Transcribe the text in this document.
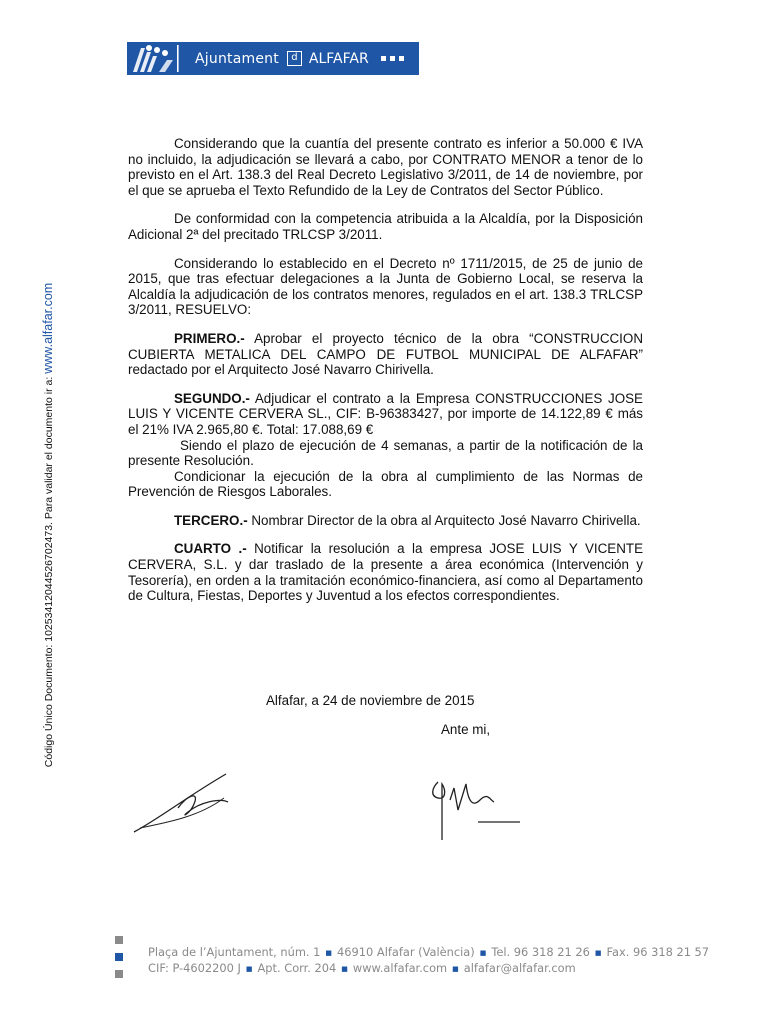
Ajuntament	d ALFAFAR
Código Único Documento: 10253412044526702473. Para validar el documento ir a: www.alfafar.com

Considerando que la cuantía del presente contrato es inferior a 50.000 € IVA no incluido, la adjudicación se llevará a cabo, por CONTRATO MENOR a tenor de lo previsto en el Art. 138.3 del Real Decreto Legislativo 3/2011, de 14 de noviembre, por el que se aprueba el Texto Refundido de la Ley de Contratos del Sector Público.

De conformidad con la competencia atribuida a la Alcaldía, por la Disposición Adicional 2ª del precitado TRLCSP 3/2011.

Considerando lo establecido en el Decreto nº 1711/2015, de 25 de junio de 2015, que tras efectuar delegaciones a la Junta de Gobierno Local, se reserva la Alcaldía la adjudicación de los contratos menores, regulados en el art. 138.3 TRLCSP 3/2011, RESUELVO:

PRIMERO.- Aprobar el proyecto técnico de la obra “CONSTRUCCION CUBIERTA METALICA DEL CAMPO DE FUTBOL MUNICIPAL DE ALFAFAR” redactado por el Arquitecto José Navarro Chirivella.

SEGUNDO.- Adjudicar el contrato a la Empresa CONSTRUCCIONES JOSE LUIS Y VICENTE CERVERA SL., CIF: B-96383427, por importe de 14.122,89 € más el 21% IVA 2.965,80 €. Total: 17.088,69 €

Siendo el plazo de ejecución de 4 semanas, a partir de la notificación de la presente Resolución.

Condicionar la ejecución de la obra al cumplimiento de las Normas de Prevención de Riesgos Laborales.

TERCERO.- Nombrar Director de la obra al Arquitecto José Navarro Chirivella.

CUARTO .- Notificar la resolución a la empresa JOSE LUIS Y VICENTE CERVERA, S.L. y dar traslado de la presente a área económica (Intervención y Tesorería), en orden a la tramitación económico-financiera, así como al Departamento de Cultura, Fiestas, Deportes y Juventud a los efectos correspondientes.

Alfafar, a 24 de noviembre de 2015
Ante mi,
Plaça de l’Ajuntament, núm. 1 ■ 46910 Alfafar (València) ■ Tel. 96 318 21 26 ■ Fax. 96 318 21 57
CIF: P-4602200 J ■ Apt. Corr. 204 ■ www.alfafar.com ■ alfafar@alfafar.com
